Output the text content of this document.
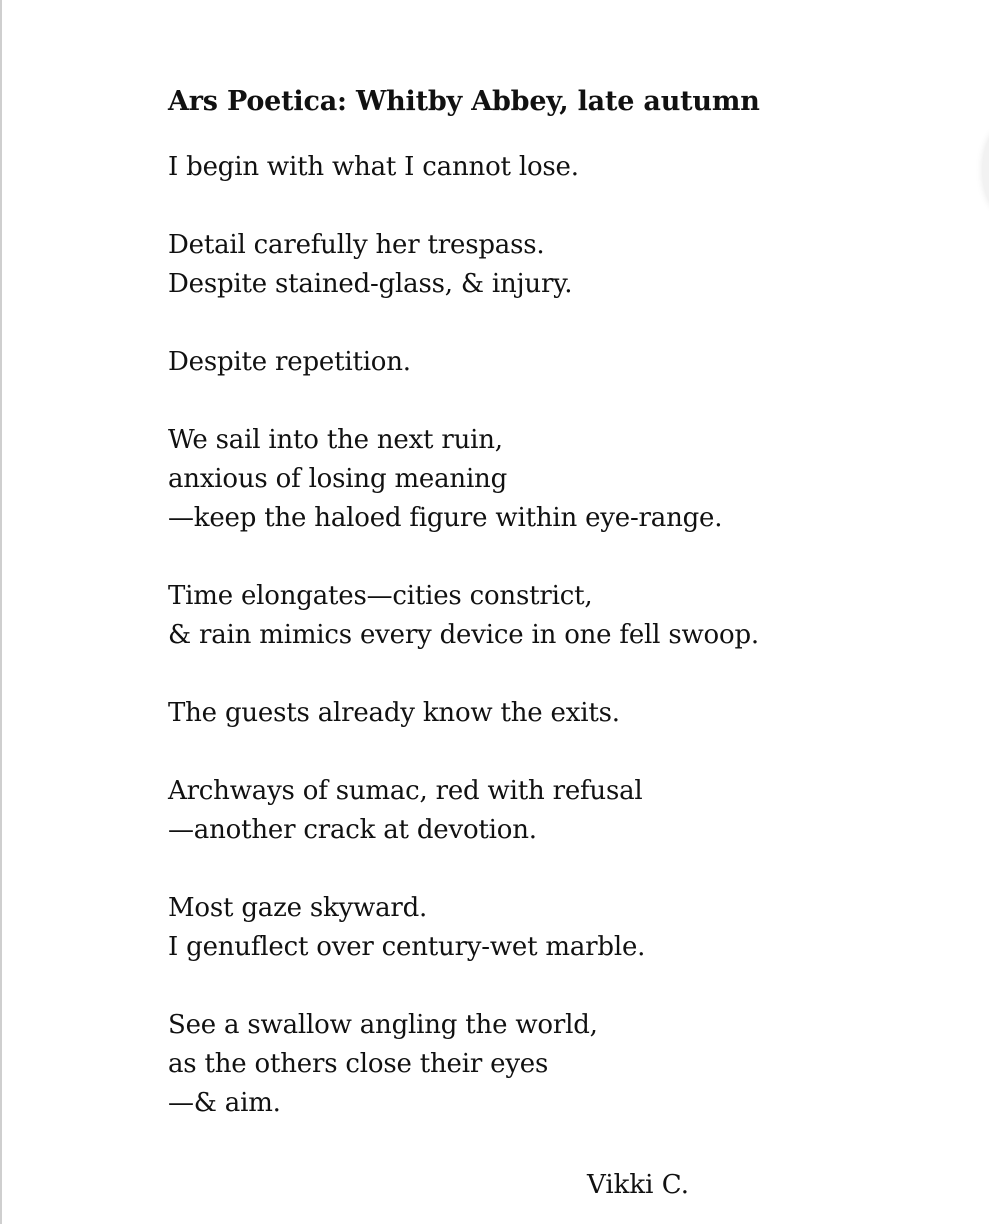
Ars Poetica: Whitby Abbey, late autumn
I begin with what I cannot lose.
Detail carefully her trespass.
Despite stained-glass, & injury.
Despite repetition.
We sail into the next ruin,
anxious of losing meaning
—keep the haloed figure within eye-range.
Time elongates—cities constrict,
& rain mimics every device in one fell swoop.
The guests already know the exits.
Archways of sumac, red with refusal
—another crack at devotion.
Most gaze skyward.
I genuflect over century-wet marble.
See a swallow angling the world,
as the others close their eyes
—& aim.
Vikki C.
